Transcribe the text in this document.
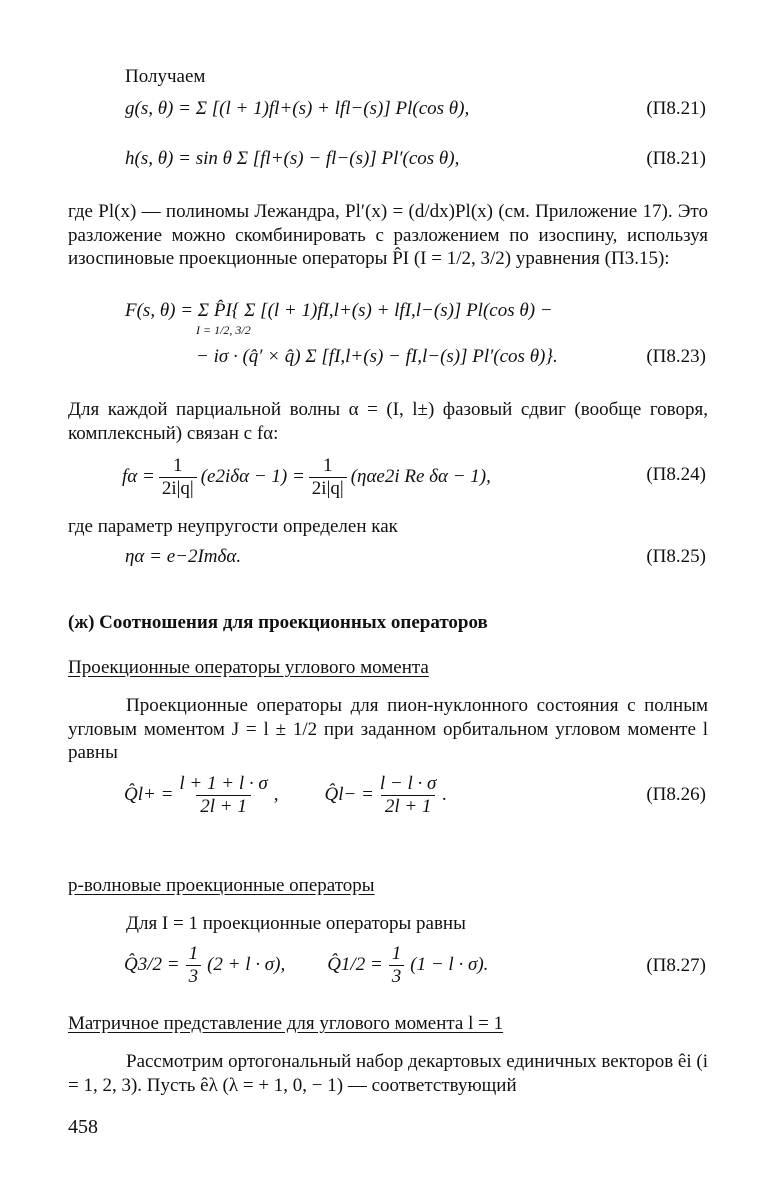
Получаем
g(s, θ) = Σ [(l + 1)fl+(s) + lfl−(s)] Pl(cos θ),	(П8.21)
h(s, θ) = sin θ Σ [fl+(s) − fl−(s)] Pl′(cos θ),	(П8.21)
где Pl(x) — полиномы Лежандра, Pl′(x) = (d/dx)Pl(x) (см. Приложение 17). Это разложение можно скомбинировать с разложением по изоспину, используя изоспиновые проекционные операторы P̂I (I = 1/2, 3/2) уравнения (П3.15):
F(s, θ) = Σ P̂I{ Σ [(l + 1)fI,l+(s) + lfI,l−(s)] Pl(cos θ) −
I = 1/2, 3/2
− iσ · (q̂′ × q̂) Σ [fI,l+(s) − fI,l−(s)] Pl′(cos θ)}.	(П8.23)
Для каждой парциальной волны α = (I, l±) фазовый сдвиг (вообще говоря, комплексный) связан с fα:
$f\alpha = \frac{1}{2i|q|} (e2i\delta\alpha - 1) = \frac{1}{2i|q|} (\eta\alpha e2i$ Re δα − 1),	(П8.24)
где параметр неупругости определен как
ηα = e−2Imδα.	(П8.25)
(ж) Соотношения для проекционных операторов
Проекционные операторы углового момента
Проекционные операторы для пион-нуклонного состояния с полным угловым моментом J = l ± 1/2 при заданном орбитальном угловом моменте l равны
Q̂l+ = $\frac{l + 1 + l \cdot \sigma}{2l + 1}$ , Q̂l− = $\frac{l - l \cdot \sigma}{2l + 1}$ .	(П8.26)
р-волновые проекционные операторы
Для I = 1 проекционные операторы равны
Q̂3/2 = $\frac{1}{3} (2 + l \cdot \sigma)$, Q̂1/2 = $\frac{1}{3} (1 - l \cdot \sigma)$.	(П8.27)
Матричное представление для углового момента l = 1
Рассмотрим ортогональный набор декартовых единичных векторов êi (i = 1, 2, 3). Пусть êλ (λ = + 1, 0, − 1) — соответствующий
458
